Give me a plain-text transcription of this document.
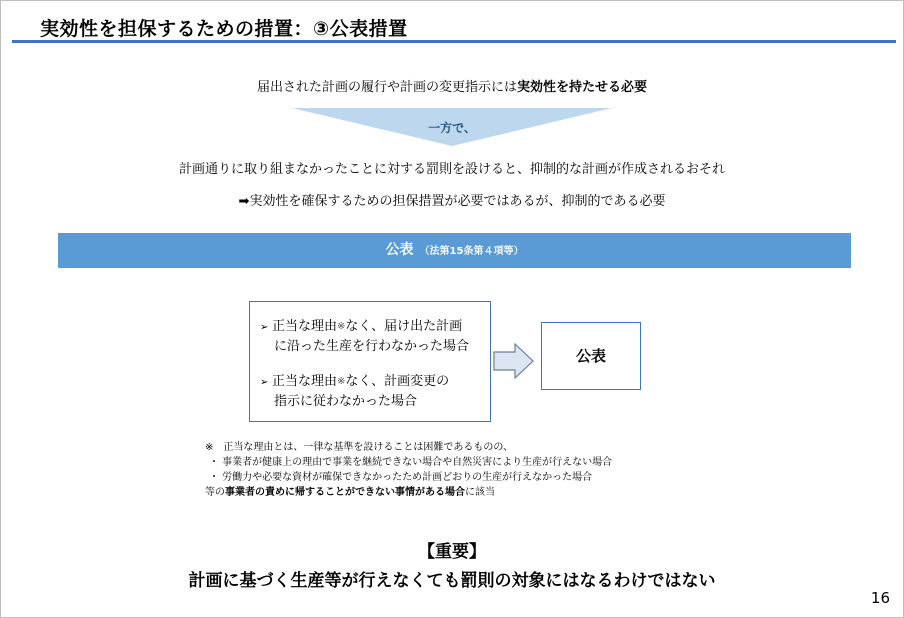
実効性を担保するための措置：③公表措置
届出された計画の履行や計画の変更指示には実効性を持たせる必要
一方で、
計画通りに取り組まなかったことに対する罰則を設けると、抑制的な計画が作成されるおそれ
➡実効性を確保するための担保措置が必要ではあるが、抑制的である必要
公表 （法第15条第４項等）
➢ 正当な理由※なく、届け出た計画
に沿った生産を行わなかった場合
➢ 正当な理由※なく、計画変更の
指示に従わなかった場合
公表
※　正当な理由とは、一律な基準を設けることは困難であるものの、
・ 事業者が健康上の理由で事業を継続できない場合や自然災害により生産が行えない場合
・ 労働力や必要な資材が確保できなかったため計画どおりの生産が行えなかった場合
等の事業者の責めに帰することができない事情がある場合に該当
【重要】
計画に基づく生産等が行えなくても罰則の対象にはなるわけではない
16
